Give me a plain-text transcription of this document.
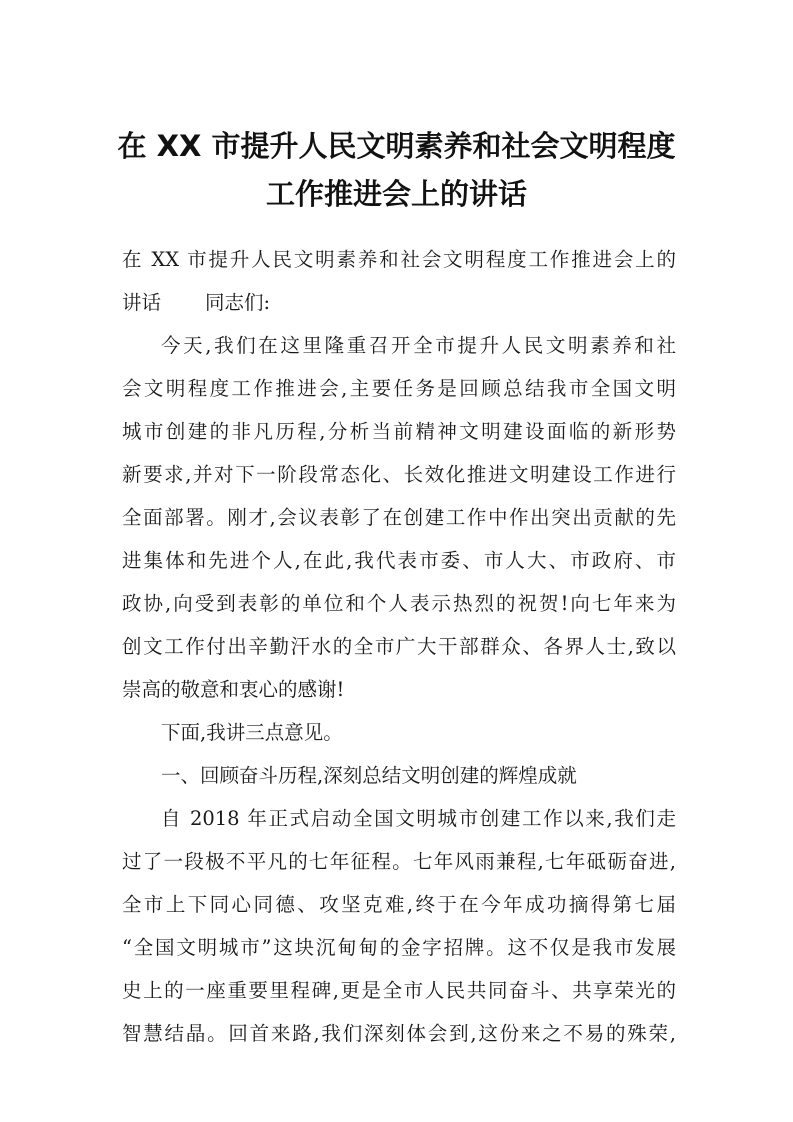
在 XX 市提升人民文明素养和社会文明程度
工作推进会上的讲话
在 XX 市提升人民文明素养和社会文明程度工作推进会上的
讲话 同志们:
今天,我们在这里隆重召开全市提升人民文明素养和社
会文明程度工作推进会,主要任务是回顾总结我市全国文明
城市创建的非凡历程,分析当前精神文明建设面临的新形势
新要求,并对下一阶段常态化、长效化推进文明建设工作进行
全面部署。刚才,会议表彰了在创建工作中作出突出贡献的先
进集体和先进个人,在此,我代表市委、市人大、市政府、市
政协,向受到表彰的单位和个人表示热烈的祝贺!向七年来为
创文工作付出辛勤汗水的全市广大干部群众、各界人士,致以
崇高的敬意和衷心的感谢!
下面,我讲三点意见。
一、回顾奋斗历程,深刻总结文明创建的辉煌成就
自 2018 年正式启动全国文明城市创建工作以来,我们走
过了一段极不平凡的七年征程。七年风雨兼程,七年砥砺奋进,
全市上下同心同德、攻坚克难,终于在今年成功摘得第七届
“全国文明城市”这块沉甸甸的金字招牌。这不仅是我市发展
史上的一座重要里程碑,更是全市人民共同奋斗、共享荣光的
智慧结晶。回首来路,我们深刻体会到,这份来之不易的殊荣,
